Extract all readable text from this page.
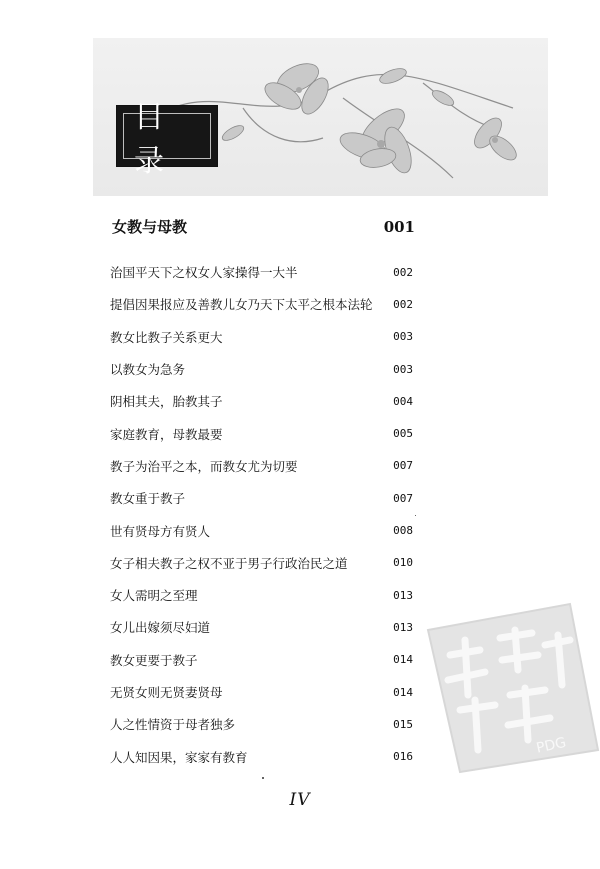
目录
女教与母教	001
治国平天下之权女人家操得一大半	002
提倡因果报应及善教儿女乃天下太平之根本法轮 002
教女比教子关系更大	003
以教女为急务	003
阴相其夫，胎教其子	004
家庭教育，母教最要	005
教子为治平之本，而教女尤为切要	007
教女重于教子	007
世有贤母方有贤人	008
女子相夫教子之权不亚于男子行政治民之道	010
女人需明之至理	013
女儿出嫁须尽妇道	013
教女更要于教子	014
无贤女则无贤妻贤母	014
人之性情资于母者独多	015
人人知因果，家家有教育	016	PDG
IV
